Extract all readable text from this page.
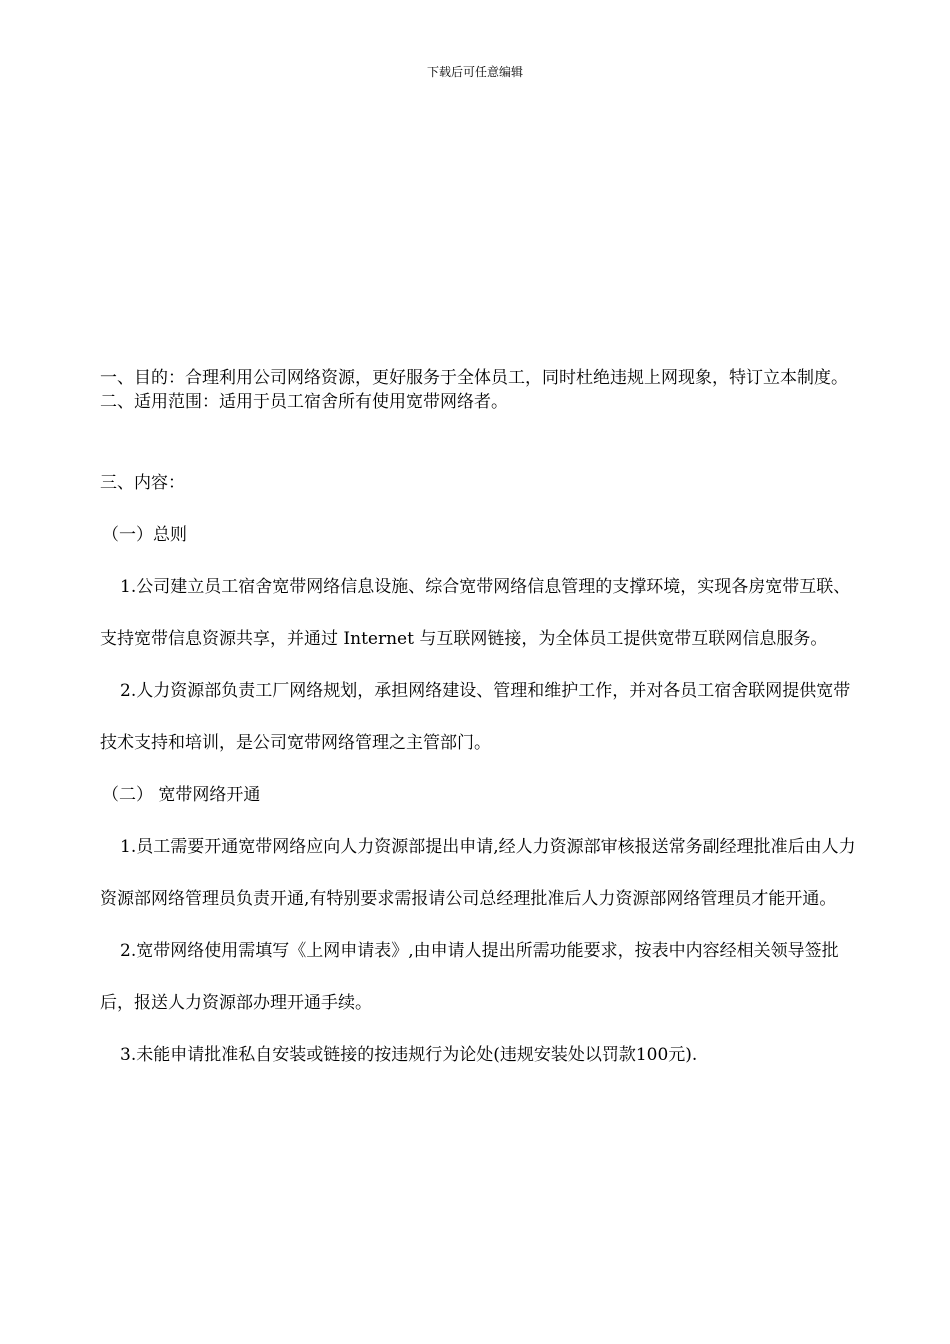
下载后可任意编辑

一、目的：合理利用公司网络资源，更好服务于全体员工，同时杜绝违规上网现象，特订立本制度。

二、适用范围：适用于员工宿舍所有使用宽带网络者。

三、内容：

（一）总则

1.公司建立员工宿舍宽带网络信息设施、综合宽带网络信息管理的支撑环境，实现各房宽带互联、支持宽带信息资源共享，并通过 Internet 与互联网链接，为全体员工提供宽带互联网信息服务。

2.人力资源部负责工厂网络规划，承担网络建设、管理和维护工作，并对各员工宿舍联网提供宽带技术支持和培训，是公司宽带网络管理之主管部门。

（二） 宽带网络开通

1.员工需要开通宽带网络应向人力资源部提出申请,经人力资源部审核报送常务副经理批准后由人力资源部网络管理员负责开通,有特别要求需报请公司总经理批准后人力资源部网络管理员才能开通。

2.宽带网络使用需填写《上网申请表》,由申请人提出所需功能要求，按表中内容经相关领导签批后，报送人力资源部办理开通手续。

3.未能申请批准私自安装或链接的按违规行为论处(违规安装处以罚款100元).
